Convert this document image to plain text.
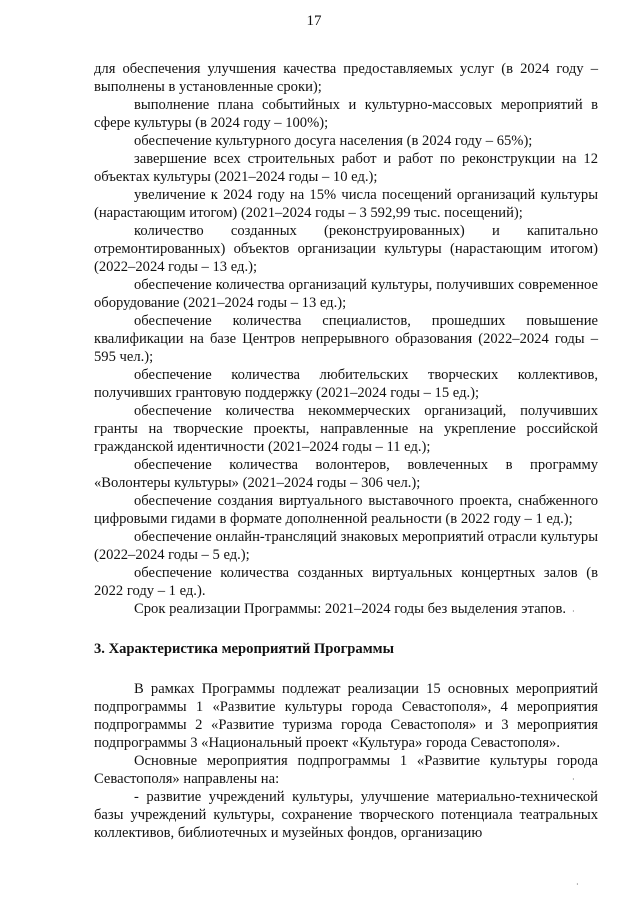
17
для обеспечения улучшения качества предоставляемых услуг (в 2024 году – выполнены в установленные сроки);
выполнение плана событийных и культурно-массовых мероприятий в сфере культуры (в 2024 году – 100%);
обеспечение культурного досуга населения (в 2024 году – 65%);
завершение всех строительных работ и работ по реконструкции на 12 объектах культуры (2021–2024 годы – 10 ед.);
увеличение к 2024 году на 15% числа посещений организаций культуры (нарастающим итогом) (2021–2024 годы – 3 592,99 тыс. посещений);
количество созданных (реконструированных) и капитально отремонтированных) объектов организации культуры (нарастающим итогом) (2022–2024 годы – 13 ед.);
обеспечение количества организаций культуры, получивших современное оборудование (2021–2024 годы – 13 ед.);
обеспечение количества специалистов, прошедших повышение квалификации на базе Центров непрерывного образования (2022–2024 годы – 595 чел.);
обеспечение количества любительских творческих коллективов, получивших грантовую поддержку (2021–2024 годы – 15 ед.);
обеспечение количества некоммерческих организаций, получивших гранты на творческие проекты, направленные на укрепление российской гражданской идентичности (2021–2024 годы – 11 ед.);
обеспечение количества волонтеров, вовлеченных в программу «Волонтеры культуры» (2021–2024 годы – 306 чел.);
обеспечение создания виртуального выставочного проекта, снабженного цифровыми гидами в формате дополненной реальности (в 2022 году – 1 ед.);
обеспечение онлайн-трансляций знаковых мероприятий отрасли культуры (2022–2024 годы – 5 ед.);
обеспечение количества созданных виртуальных концертных залов (в 2022 году – 1 ед.).
Срок реализации Программы: 2021–2024 годы без выделения этапов.
3. Характеристика мероприятий Программы
В рамках Программы подлежат реализации 15 основных мероприятий подпрограммы 1 «Развитие культуры города Севастополя», 4 мероприятия подпрограммы 2 «Развитие туризма города Севастополя» и 3 мероприятия подпрограммы 3 «Национальный проект «Культура» города Севастополя».
Основные мероприятия подпрограммы 1 «Развитие культуры города Севастополя» направлены на:
- развитие учреждений культуры, улучшение материально-технической базы учреждений культуры, сохранение творческого потенциала театральных коллективов, библиотечных и музейных фондов, организацию
·
·
·
